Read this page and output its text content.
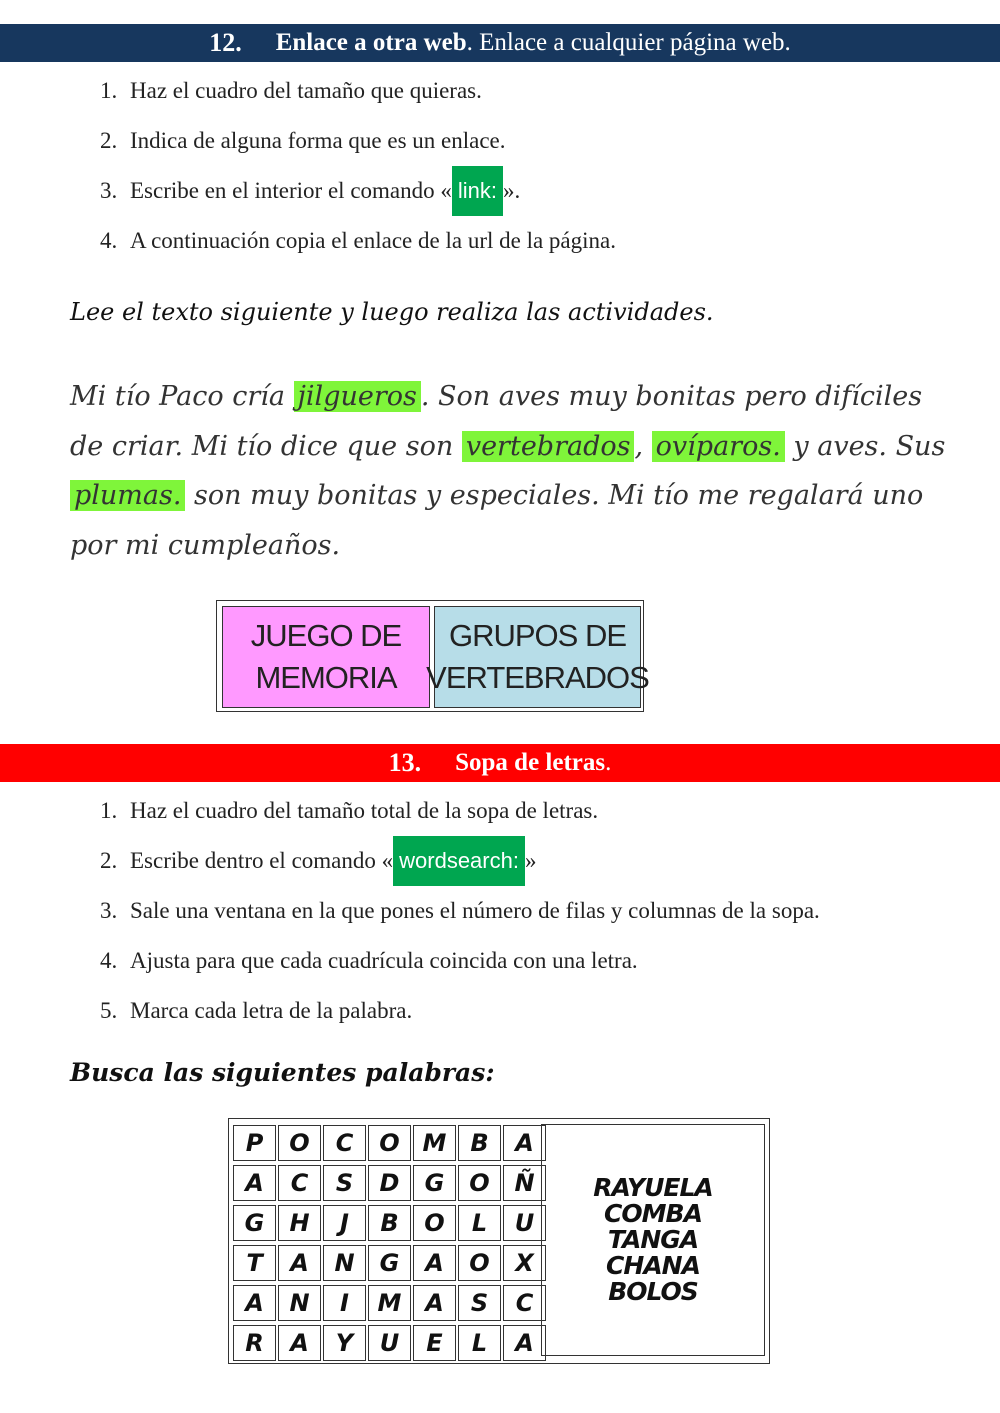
12. Enlace a otra web . Enlace a cualquier página web.
1. Haz el cuadro del tamaño que quieras.
2. Indica de alguna forma que es un enlace.
3. Escribe en el interior el comando « link: ».
4. A continuación copia el enlace de la url de la página.
Lee el texto siguiente y luego realiza las actividades.
Mi tío Paco cría jilgueros . Son aves muy bonitas pero difíciles de criar. Mi tío dice que son vertebrados , ovíparos. y aves. Sus plumas. son muy bonitas y especiales. Mi tío me regalará uno por mi cumpleaños.
JUEGO DE
MEMORIA
GRUPOS DE
VERTEBRADOS
13. Sopa de letras .
1. Haz el cuadro del tamaño total de la sopa de letras.
2. Escribe dentro el comando « wordsearch: »
3. Sale una ventana en la que pones el número de filas y columnas de la sopa.
4. Ajusta para que cada cuadrícula coincida con una letra.
5. Marca cada letra de la palabra.
Busca las siguientes palabras:
P	O	C	O M B	A
A	C	S	D	G	O	Ñ
G	H	J	B	O	L	U
T	A	N	G	A	O	X
A	N	I	M A	S	C
R	A	Y	U	E	L	A
RAYUELA
COMBA
TANGA
CHANA
BOLOS
